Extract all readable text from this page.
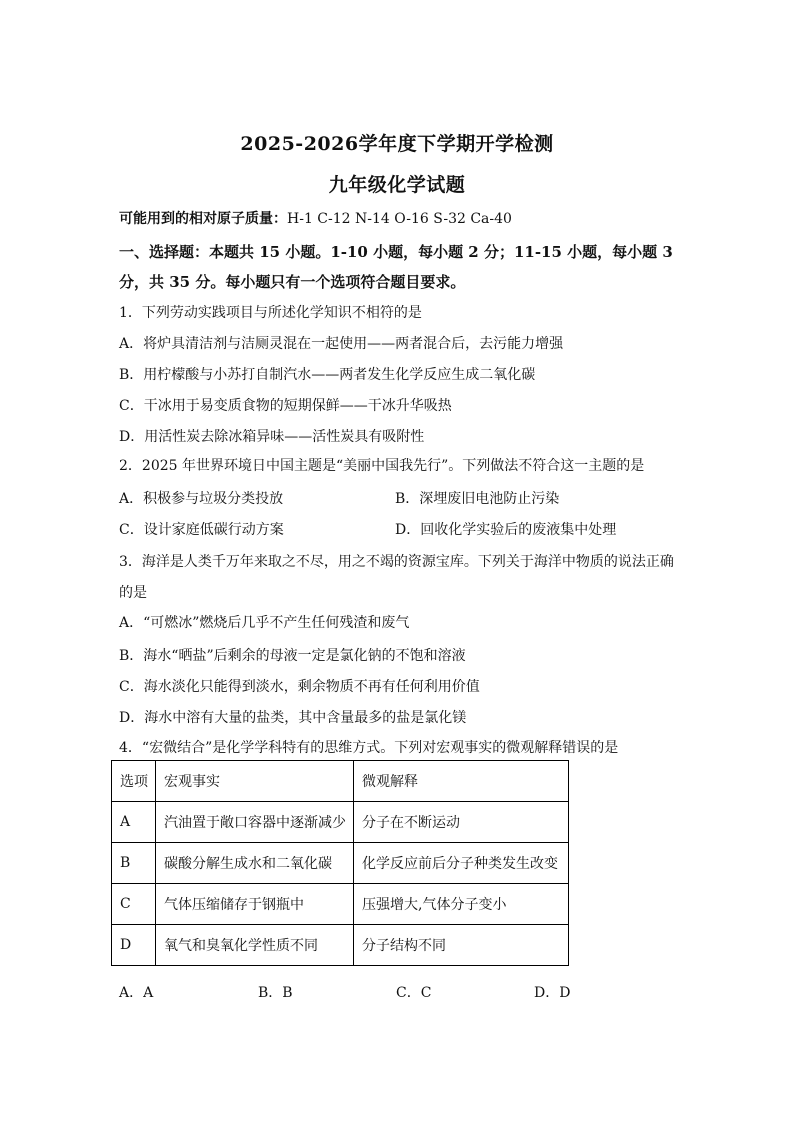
2025-2026学年度下学期开学检测
九年级化学试题
可能用到的相对原子质量：H-1 C-12 N-14 O-16 S-32 Ca-40
一、选择题：本题共 15 小题。1-10 小题，每小题 2 分；11-15 小题，每小题 3
分，共 35 分。每小题只有一个选项符合题目要求。
1．下列劳动实践项目与所述化学知识不相符的是
A．将炉具清洁剂与洁厕灵混在一起使用——两者混合后，去污能力增强
B．用柠檬酸与小苏打自制汽水——两者发生化学反应生成二氧化碳
C．干冰用于易变质食物的短期保鲜——干冰升华吸热
D．用活性炭去除冰箱异味——活性炭具有吸附性
2．2025 年世界环境日中国主题是“美丽中国我先行”。下列做法不符合这一主题的是
A．积极参与垃圾分类投放	B．深埋废旧电池防止污染
C．设计家庭低碳行动方案	D．回收化学实验后的废液集中处理
3．海洋是人类千万年来取之不尽，用之不竭的资源宝库。下列关于海洋中物质的说法正确
的是
A．“可燃冰”燃烧后几乎不产生任何残渣和废气
B．海水“晒盐”后剩余的母液一定是氯化钠的不饱和溶液
C．海水淡化只能得到淡水，剩余物质不再有任何利用价值
D．海水中溶有大量的盐类，其中含量最多的盐是氯化镁
4．“宏微结合”是化学学科特有的思维方式。下列对宏观事实的微观解释错误的是
选项	宏观事实	微观解释
A	汽油置于敞口容器中逐渐减少	分子在不断运动
B	碳酸分解生成水和二氧化碳	化学反应前后分子种类发生改变
C	气体压缩储存于钢瓶中	压强增大,气体分子变小
D	氧气和臭氧化学性质不同	分子结构不同
A．A	B．B	C．C	D．D
